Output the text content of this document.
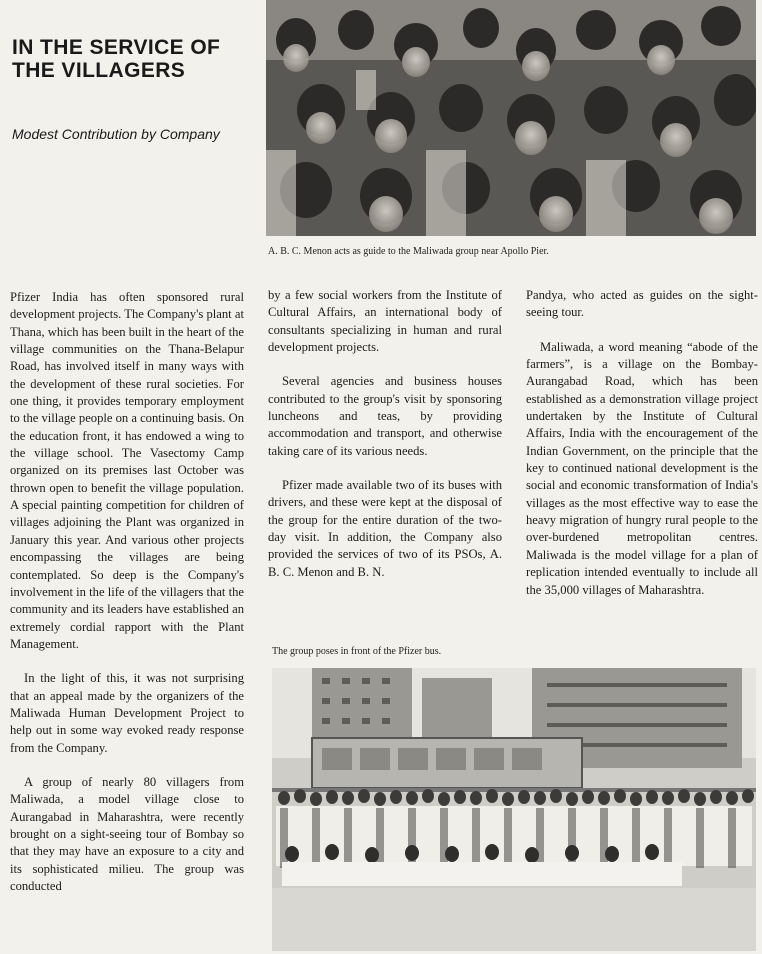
IN THE SERVICE OF THE VILLAGERS
Modest Contribution by Company
A. B. C. Menon acts as guide to the Maliwada group near Apollo Pier.

Pfizer India has often sponsored rural development projects. The Company's plant at Thana, which has been built in the heart of the village communities on the Thana-Belapur Road, has involved itself in many ways with the development of these rural societies. For one thing, it provides temporary employment to the village people on a continuing basis. On the education front, it has endowed a wing to the village school. The Vasectomy Camp organized on its premises last October was thrown open to benefit the village population. A special painting competition for children of villages adjoining the Plant was organized in January this year. And various other projects encompassing the villages are being contemplated. So deep is the Company's involvement in the life of the villagers that the community and its leaders have established an extremely cordial rapport with the Plant Management.

In the light of this, it was not surprising that an appeal made by the organizers of the Maliwada Human Development Project to help out in some way evoked ready response from the Company.

A group of nearly 80 villagers from Maliwada, a model village close to Aurangabad in Maharashtra, were recently brought on a sight-seeing tour of Bombay so that they may have an exposure to a city and its sophisticated milieu. The group was conducted

by a few social workers from the Institute of Cultural Affairs, an international body of consultants specializing in human and rural development projects.

Several agencies and business houses contributed to the group's visit by sponsoring luncheons and teas, by providing accommodation and transport, and otherwise taking care of its various needs.

Pfizer made available two of its buses with drivers, and these were kept at the disposal of the group for the entire duration of the two-day visit. In addition, the Company also provided the services of two of its PSOs, A. B. C. Menon and B. N.

Pandya, who acted as guides on the sight-seeing tour.

Maliwada, a word meaning “abode of the farmers”, is a village on the Bombay-Aurangabad Road, which has been established as a demonstration village project undertaken by the Institute of Cultural Affairs, India with the encouragement of the Indian Government, on the principle that the key to continued national development is the social and economic transformation of India's villages as the most effective way to ease the heavy migration of hungry rural people to the over-burdened metropolitan centres. Maliwada is the model village for a plan of replication intended eventually to include all the 35,000 villages of Maharashtra.

The group poses in front of the Pfizer bus.
